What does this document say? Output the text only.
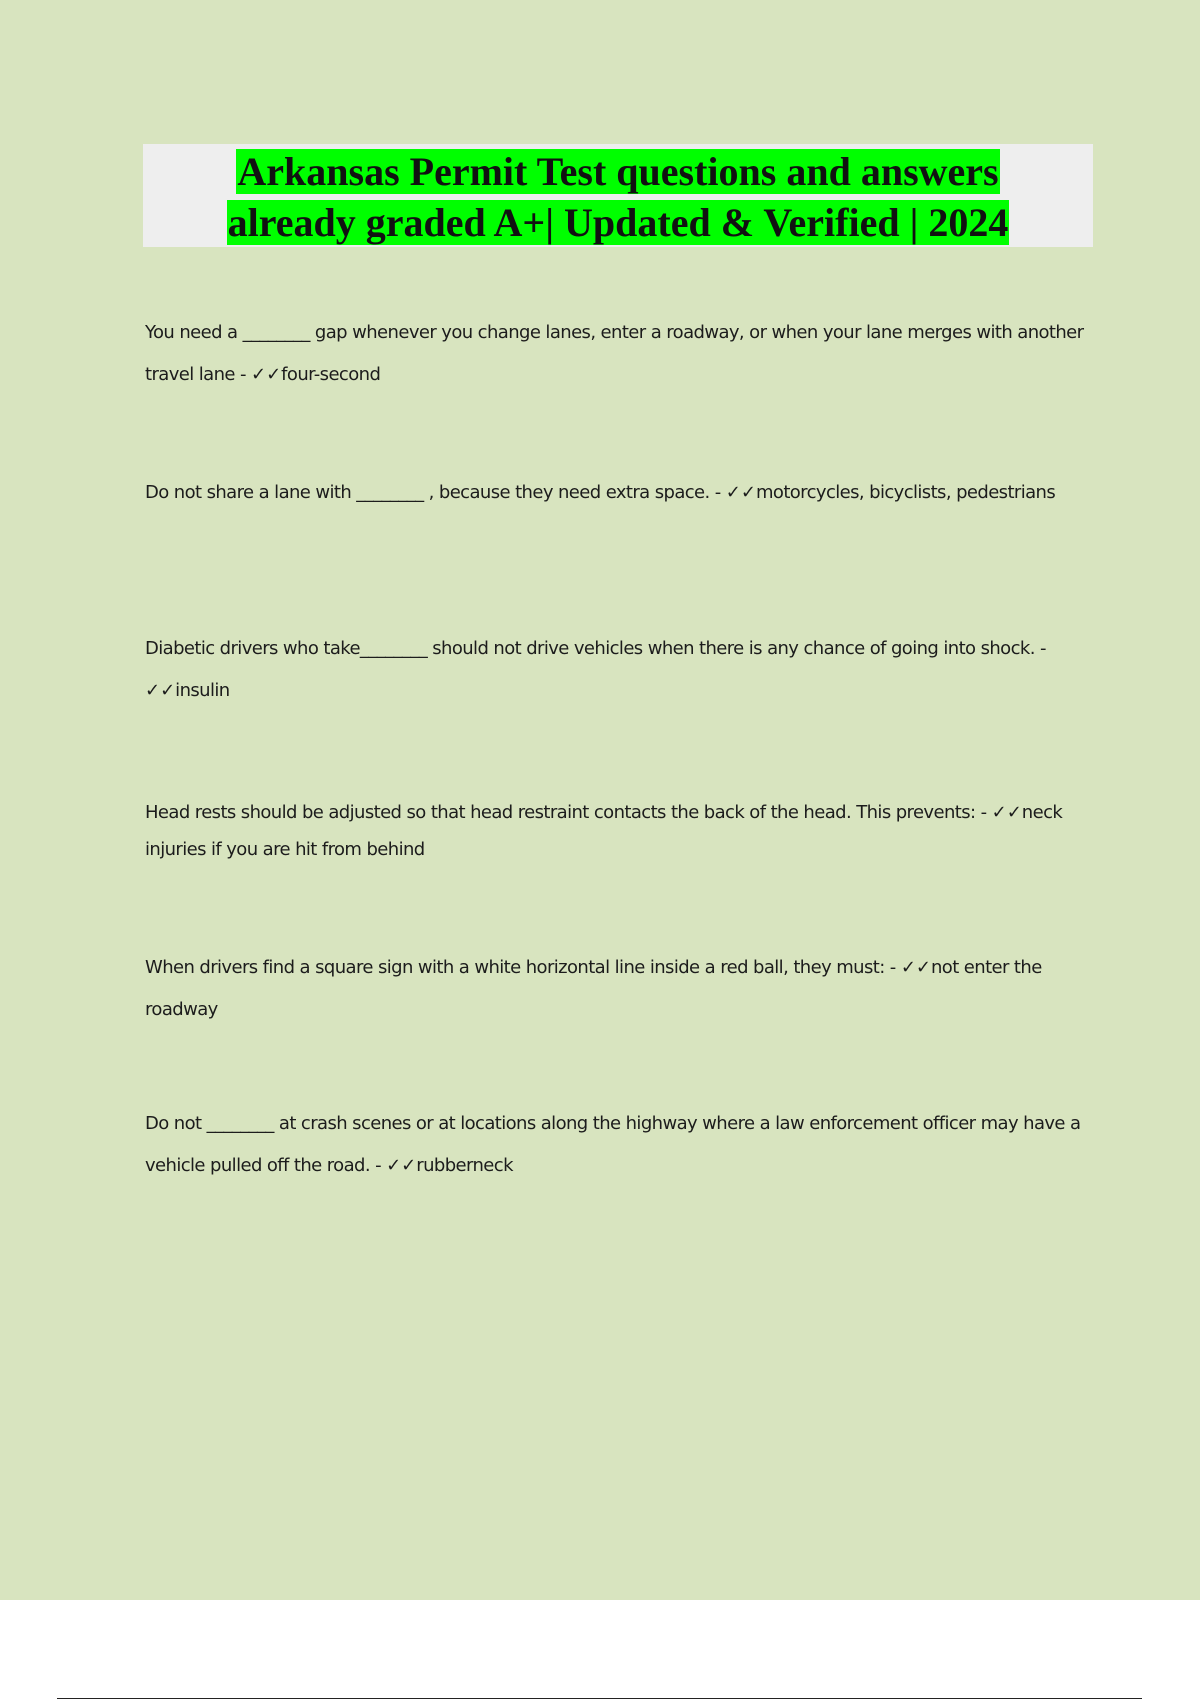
Arkansas Permit Test questions and answers
already graded A+| Updated & Verified | 2024

You need a ________ gap whenever you change lanes, enter a roadway, or when your lane merges with another travel lane - ✓✓four-second

Do not share a lane with ________ , because they need extra space. - ✓✓motorcycles, bicyclists, pedestrians

Diabetic drivers who take________ should not drive vehicles when there is any chance of going into shock. - ✓✓insulin

Head rests should be adjusted so that head restraint contacts the back of the head. This prevents: - ✓✓neck injuries if you are hit from behind

When drivers find a square sign with a white horizontal line inside a red ball, they must: - ✓✓not enter the roadway

Do not ________ at crash scenes or at locations along the highway where a law enforcement officer may have a vehicle pulled off the road. - ✓✓rubberneck
